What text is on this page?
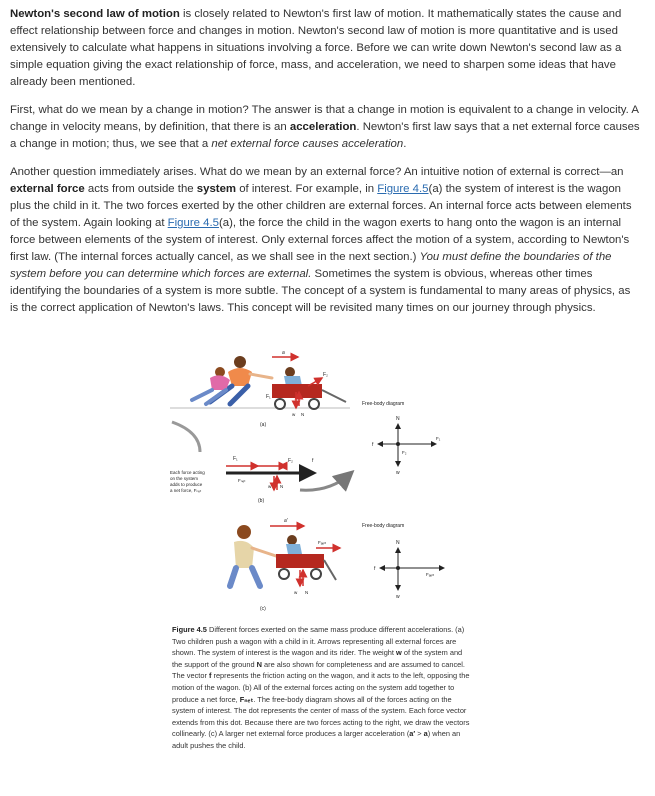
Newton's second law of motion is closely related to Newton's first law of motion. It mathematically states the cause and effect relationship between force and changes in motion. Newton's second law of motion is more quantitative and is used extensively to calculate what happens in situations involving a force. Before we can write down Newton's second law as a simple equation giving the exact relationship of force, mass, and acceleration, we need to sharpen some ideas that have already been mentioned.

First, what do we mean by a change in motion? The answer is that a change in motion is equivalent to a change in velocity. A change in velocity means, by definition, that there is an acceleration. Newton's first law says that a net external force causes a change in motion; thus, we see that a net external force causes acceleration.

Another question immediately arises. What do we mean by an external force? An intuitive notion of external is correct—an external force acts from outside the system of interest. For example, in Figure 4.5(a) the system of interest is the wagon plus the child in it. The two forces exerted by the other children are external forces. An internal force acts between elements of the system. Again looking at Figure 4.5(a), the force the child in the wagon exerts to hang onto the wagon is an internal force between elements of the system of interest. Only external forces affect the motion of a system, according to Newton's first law. (The internal forces actually cancel, as we shall see in the next section.) You must define the boundaries of the system before you can determine which forces are external. Sometimes the system is obvious, whereas other times identifying the boundaries of a system is more subtle. The concept of a system is fundamental to many areas of physics, as is the correct application of Newton's laws. This concept will be revisited many times on our journey through physics.

a
F₂
F₁
w N
(a)
Free-body diagram
N
w
f
F₂
F₁
F₁	F₂	f
w N
Fₙₑₜ
Each force acting
on the system
adds to produce
a net force, Fₙₑₜ
(b)
a′
Fₐₑₗₜ
w N
(c)
Free-body diagram
N
w
f
Fₐₑₗₜ
Figure 4.5 Different forces exerted on the same mass produce different accelerations. (a) Two children push a wagon with a child in it. Arrows representing all external forces are shown. The system of interest is the wagon and its rider. The weight w of the system and the support of the ground N are also shown for completeness and are assumed to cancel. The vector f represents the friction acting on the wagon, and it acts to the left, opposing the motion of the wagon. (b) All of the external forces acting on the system add together to produce a net force, Fₙₑₜ. The free-body diagram shows all of the forces acting on the system of interest. The dot represents the center of mass of the system. Each force vector extends from this dot. Because there are two forces acting to the right, we draw the vectors collinearly. (c) A larger net external force produces a larger acceleration (a′ > a) when an adult pushes the child.
